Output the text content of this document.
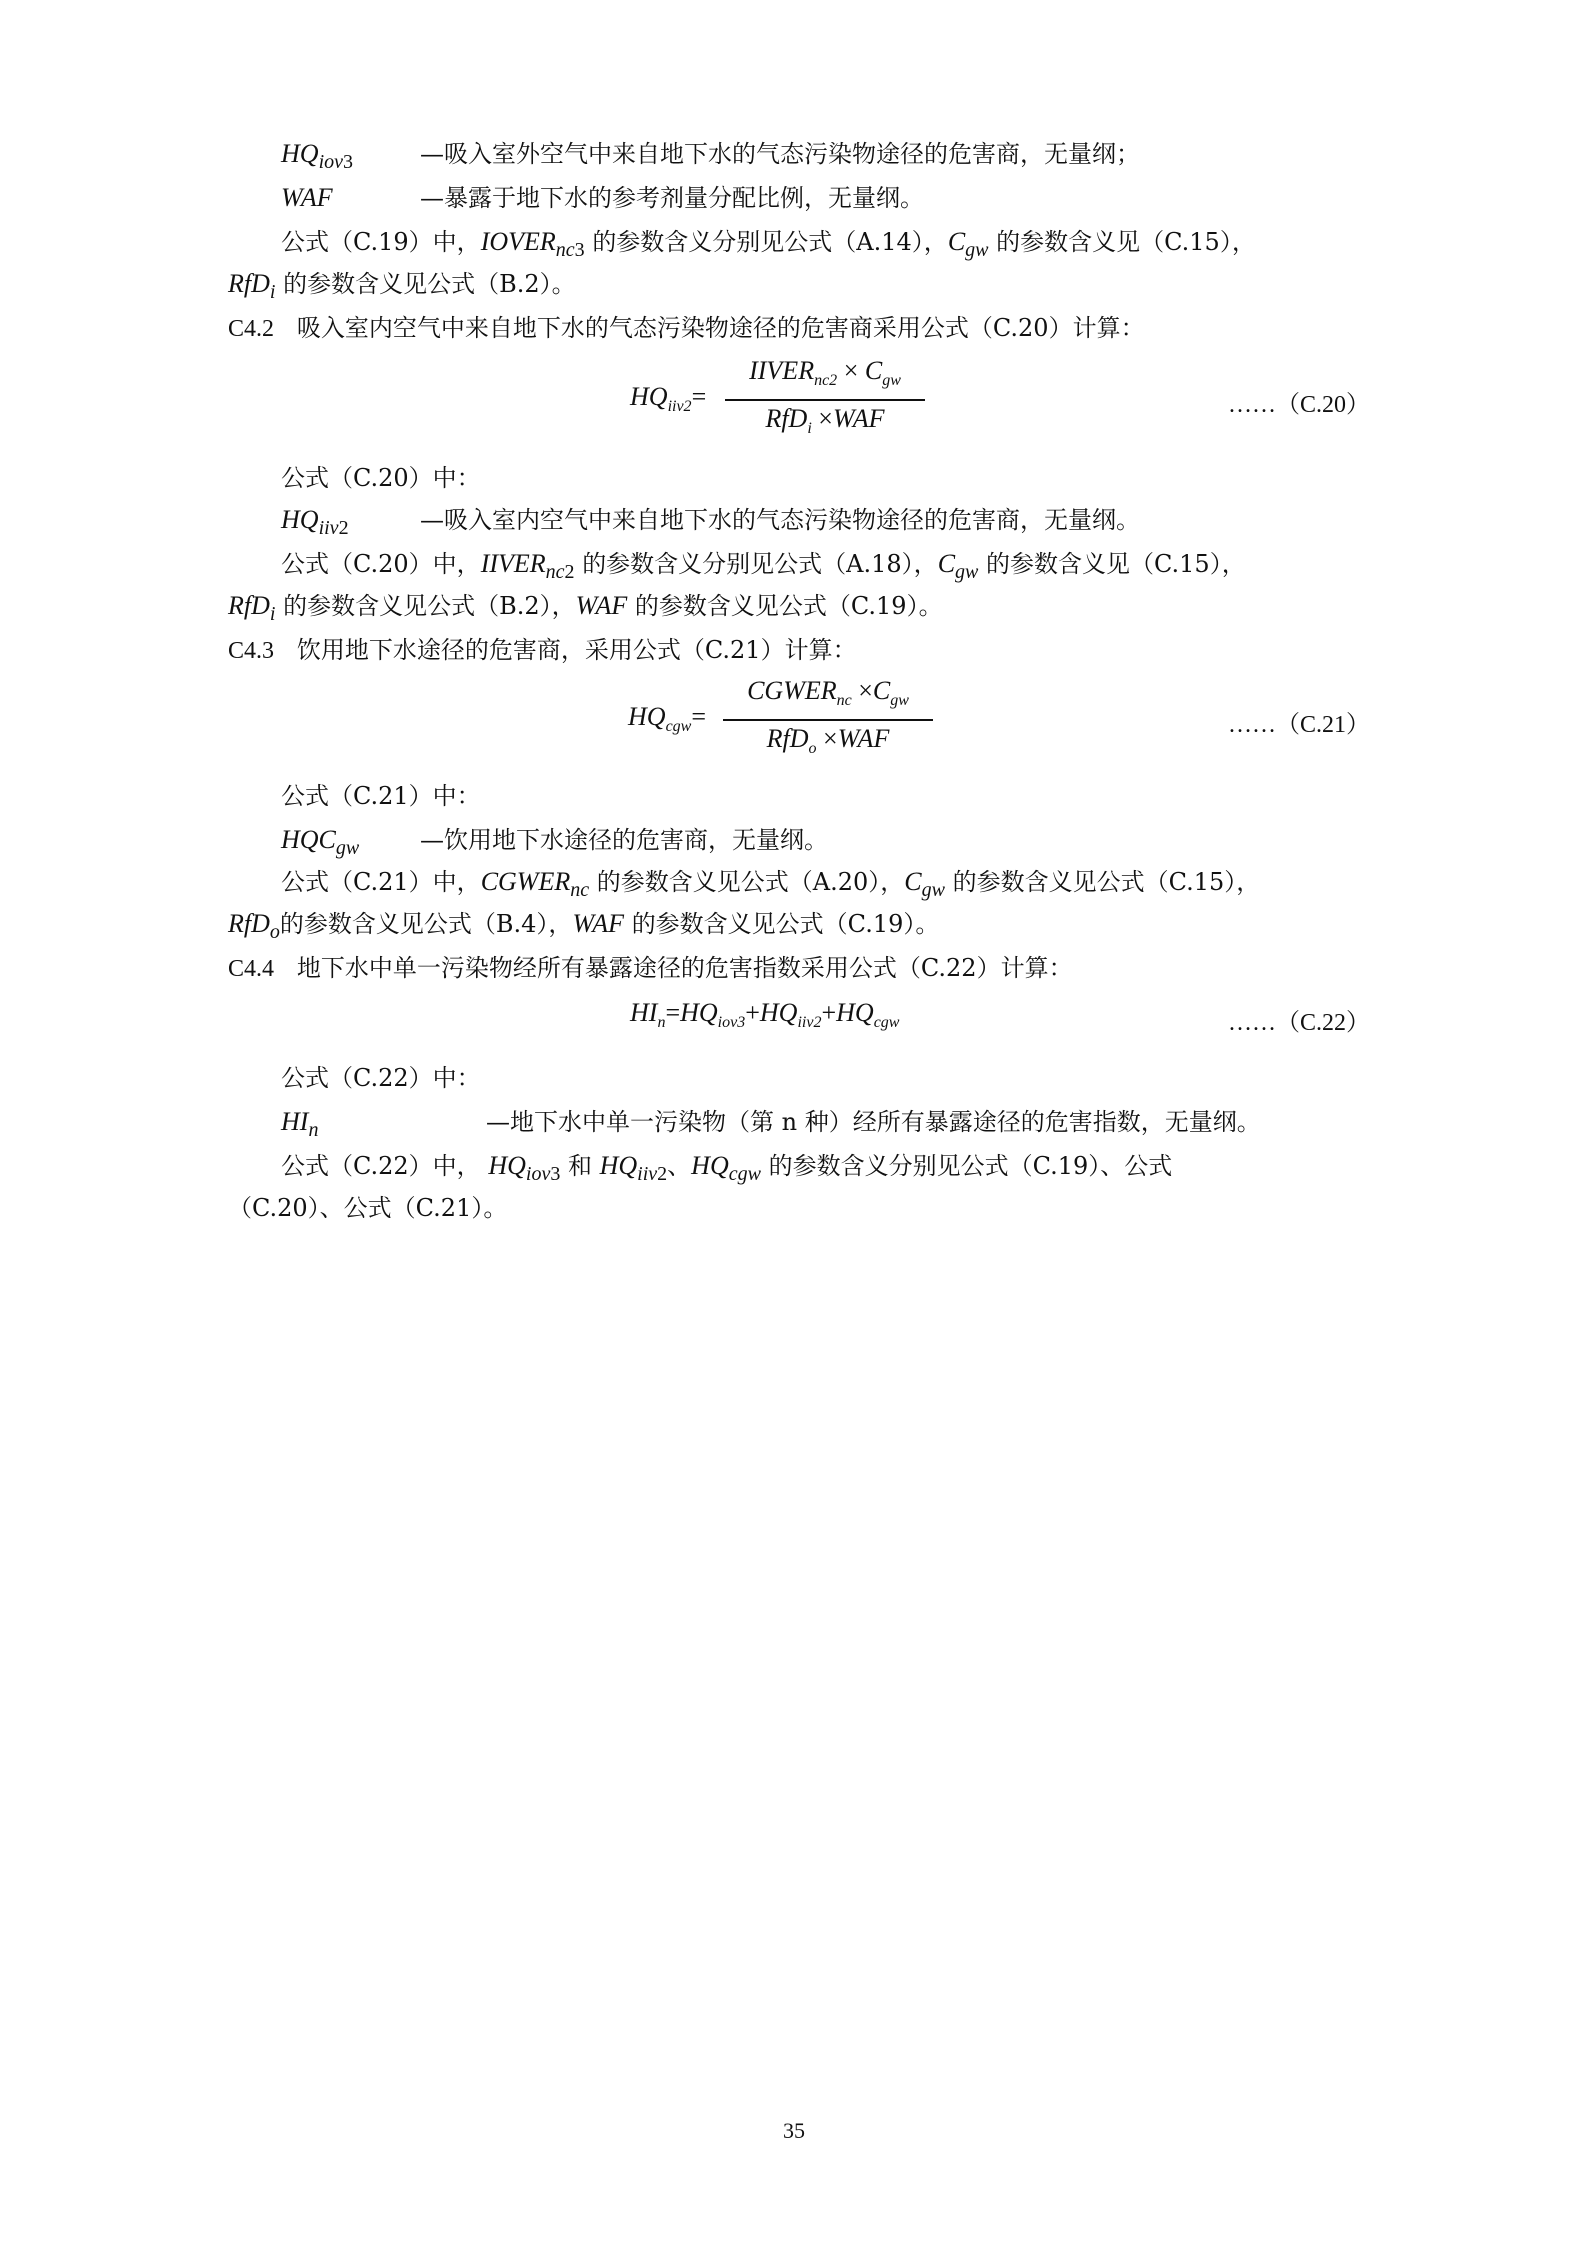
$HQ_{iov3}$	—吸入室外空气中来自地下水的气态污染物途径的危害商，无量纲；
WAF	—暴露于地下水的参考剂量分配比例，无量纲。
公式（C.19）中，$IOVER_{nc3}$ 的参数含义分别见公式（A.14），$C_{gw}$ 的参数含义见（C.15），
RfD$_i$ 的参数含义见公式（B.2）。
C4.2 吸入室内空气中来自地下水的气态污染物途径的危害商采用公式（C.20）计算：
$HQ_{iiv2}=$
$IIVER_{nc2} \times C_{gw}$
RfD$_i$ ×WAF	……（C.20）
公式（C.20）中：
$HQ_{iiv2}$	—吸入室内空气中来自地下水的气态污染物途径的危害商，无量纲。
公式（C.20）中，$IIVER_{nc2}$ 的参数含义分别见公式（A.18），$C_{gw}$ 的参数含义见（C.15），
RfD$_i$ 的参数含义见公式（B.2），WAF 的参数含义见公式（C.19）。
C4.3 饮用地下水途径的危害商，采用公式（C.21）计算：
$HQ_{cgw}=$
$CGWER_{nc} \times C_{gw}$
RfD$_o$ ×WAF	……（C.21）
公式（C.21）中：
$HQC_{gw}$	—饮用地下水途径的危害商，无量纲。
公式（C.21）中，$CGWER_{nc}$ 的参数含义见公式（A.20），$C_{gw}$ 的参数含义见公式（C.15），
RfD$_o$的参数含义见公式（B.4），WAF 的参数含义见公式（C.19）。
C4.4 地下水中单一污染物经所有暴露途径的危害指数采用公式（C.22）计算：
$HI_n=HQ_{iov3}+HQ_{iiv2}+HQ_{cgw}$	……（C.22）
公式（C.22）中：
$HI_n$	—地下水中单一污染物（第 n 种）经所有暴露途径的危害指数，无量纲。
公式（C.22）中， $HQ_{iov3}$ 和 $HQ_{iiv2}$、$HQ_{cgw}$ 的参数含义分别见公式（C.19）、公式
（C.20）、公式（C.21）。
35
